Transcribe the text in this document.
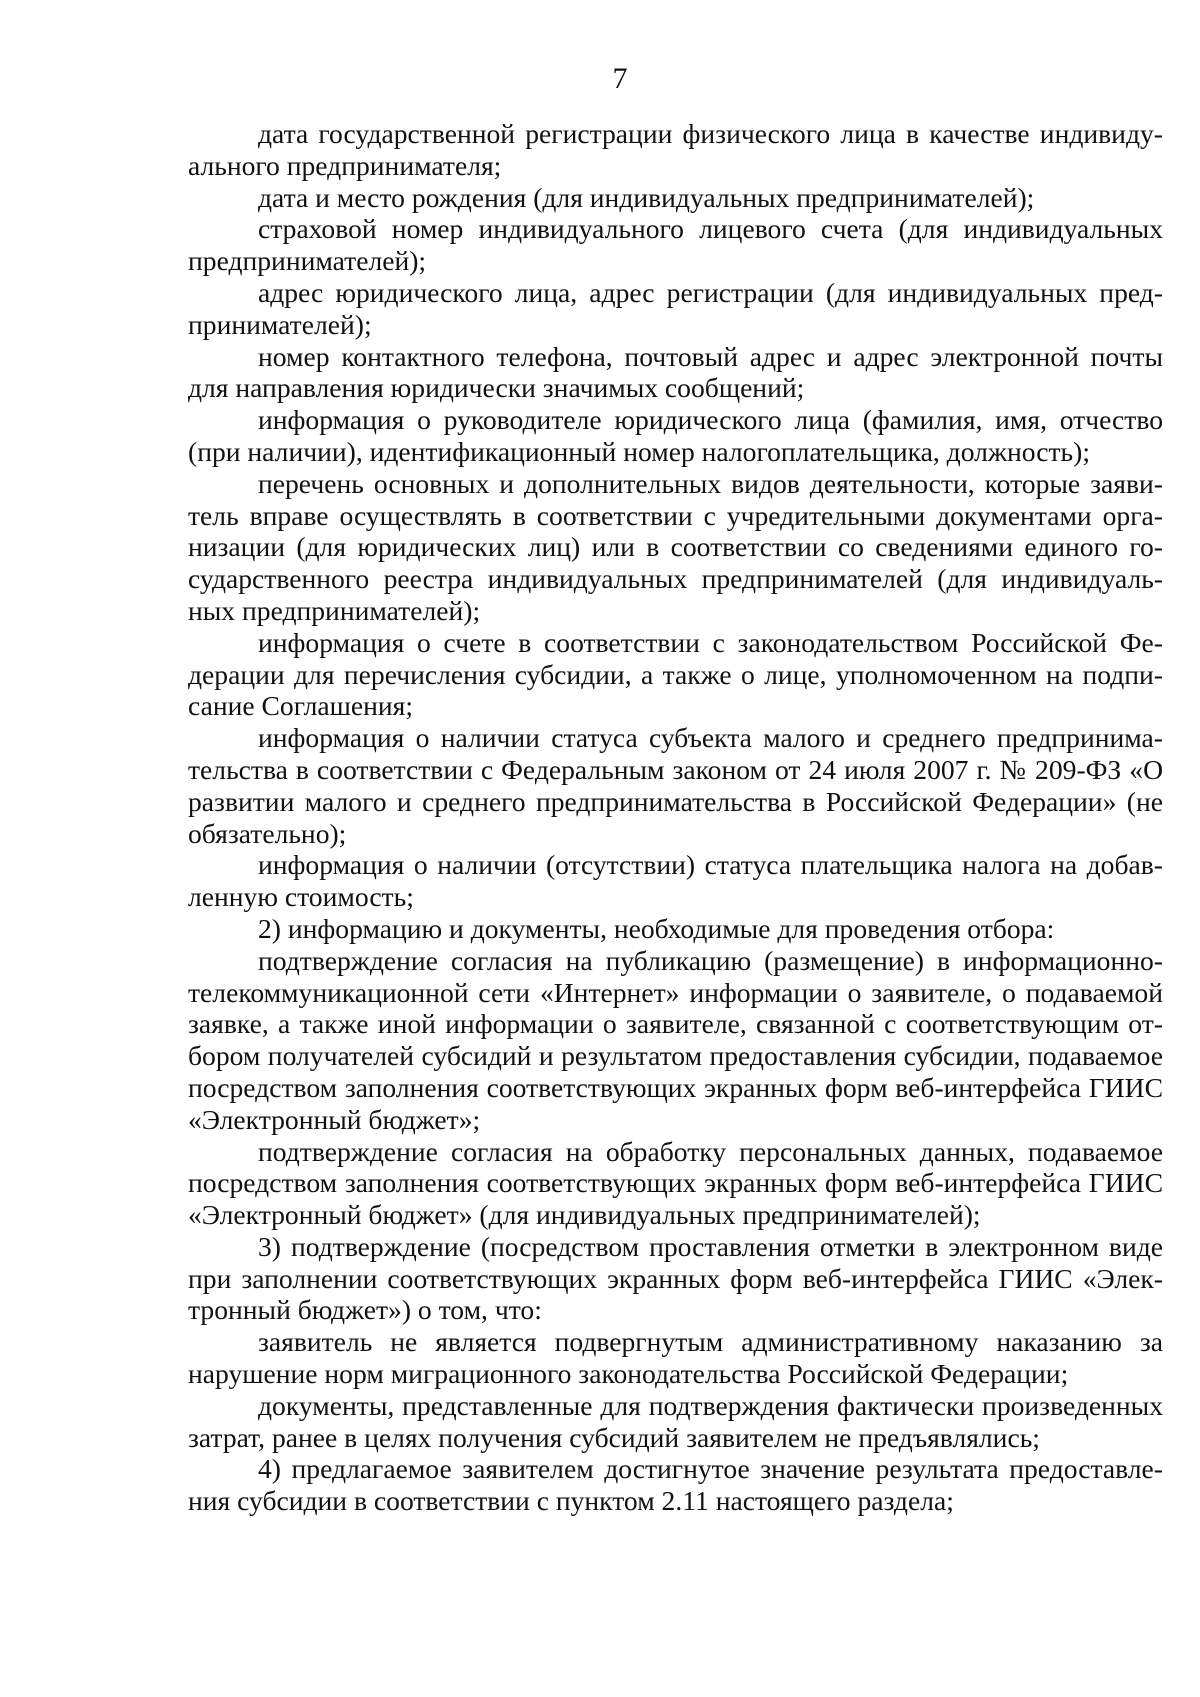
7

дата государственной регистрации физического лица в качестве индивидуального предпринимателя;

дата и место рождения (для индивидуальных предпринимателей);

страховой номер индивидуального лицевого счета (для индивидуальных предпринимателей);

адрес юридического лица, адрес регистрации (для индивидуальных предпринимателей);

номер контактного телефона, почтовый адрес и адрес электронной почты для направления юридически значимых сообщений;

информация о руководителе юридического лица (фамилия, имя, отчество (при наличии), идентификационный номер налогоплательщика, должность);

перечень основных и дополнительных видов деятельности, которые заявитель вправе осуществлять в соответствии с учредительными документами организации (для юридических лиц) или в соответствии со сведениями единого государственного реестра индивидуальных предпринимателей (для индивидуальных предпринимателей);

информация о счете в соответствии с законодательством Российской Федерации для перечисления субсидии, а также о лице, уполномоченном на подписание Соглашения;

информация о наличии статуса субъекта малого и среднего предпринимательства в соответствии с Федеральным законом от 24 июля 2007 г. № 209-ФЗ «О развитии малого и среднего предпринимательства в Российской Федерации» (не обязательно);

информация о наличии (отсутствии) статуса плательщика налога на добавленную стоимость;

2) информацию и документы, необходимые для проведения отбора:

подтверждение согласия на публикацию (размещение) в информационно-телекоммуникационной сети «Интернет» информации о заявителе, о подаваемой заявке, а также иной информации о заявителе, связанной с соответствующим отбором получателей субсидий и результатом предоставления субсидии, подаваемое посредством заполнения соответствующих экранных форм веб-интерфейса ГИИС «Электронный бюджет»;

подтверждение согласия на обработку персональных данных, подаваемое посредством заполнения соответствующих экранных форм веб-интерфейса ГИИС «Электронный бюджет» (для индивидуальных предпринимателей);

3) подтверждение (посредством проставления отметки в электронном виде при заполнении соответствующих экранных форм веб-интерфейса ГИИС «Электронный бюджет») о том, что:

заявитель не является подвергнутым административному наказанию за нарушение норм миграционного законодательства Российской Федерации;

документы, представленные для подтверждения фактически произведенных затрат, ранее в целях получения субсидий заявителем не предъявлялись;

4) предлагаемое заявителем достигнутое значение результата предоставления субсидии в соответствии с пунктом 2.11 настоящего раздела;
